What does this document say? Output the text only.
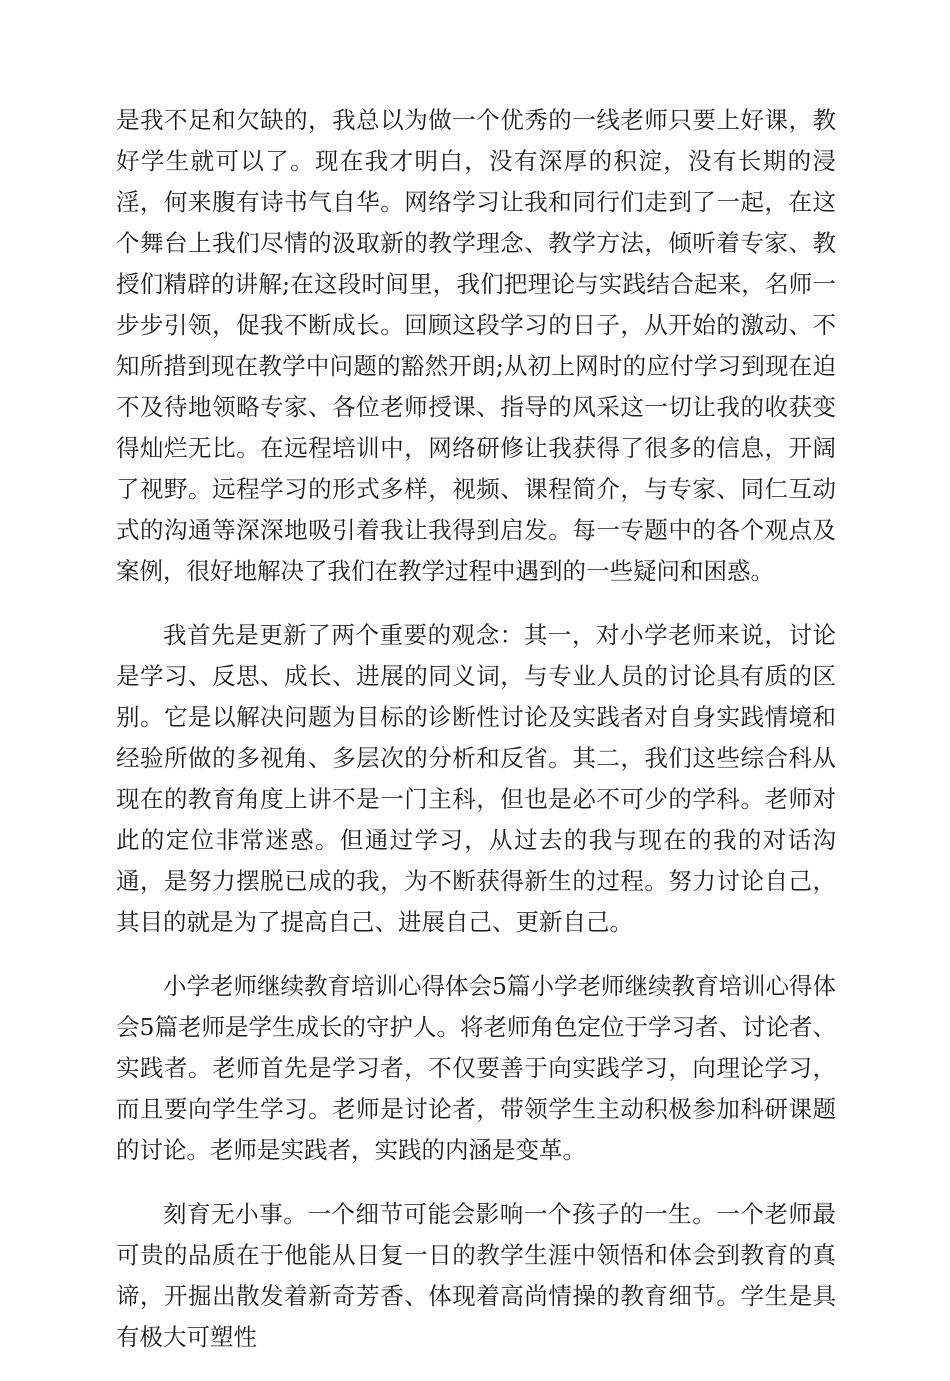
是我不足和欠缺的，我总以为做一个优秀的一线老师只要上好课，教好学生就可以了。现在我才明白，没有深厚的积淀，没有长期的浸淫，何来腹有诗书气自华。网络学习让我和同行们走到了一起，在这个舞台上我们尽情的汲取新的教学理念、教学方法，倾听着专家、教授们精辟的讲解;在这段时间里，我们把理论与实践结合起来，名师一步步引领，促我不断成长。回顾这段学习的日子，从开始的激动、不知所措到现在教学中问题的豁然开朗;从初上网时的应付学习到现在迫不及待地领略专家、各位老师授课、指导的风采这一切让我的收获变得灿烂无比。在远程培训中，网络研修让我获得了很多的信息，开阔了视野。远程学习的形式多样，视频、课程简介，与专家、同仁互动式的沟通等深深地吸引着我让我得到启发。每一专题中的各个观点及案例，很好地解决了我们在教学过程中遇到的一些疑问和困惑。

我首先是更新了两个重要的观念：其一，对小学老师来说，讨论是学习、反思、成长、进展的同义词，与专业人员的讨论具有质的区别。它是以解决问题为目标的诊断性讨论及实践者对自身实践情境和经验所做的多视角、多层次的分析和反省。其二，我们这些综合科从现在的教育角度上讲不是一门主科，但也是必不可少的学科。老师对此的定位非常迷惑。但通过学习，从过去的我与现在的我的对话沟通，是努力摆脱已成的我，为不断获得新生的过程。努力讨论自己，其目的就是为了提高自己、进展自己、更新自己。

小学老师继续教育培训心得体会5篇小学老师继续教育培训心得体会5篇老师是学生成长的守护人。将老师角色定位于学习者、讨论者、实践者。老师首先是学习者，不仅要善于向实践学习，向理论学习，而且要向学生学习。老师是讨论者，带领学生主动积极参加科研课题的讨论。老师是实践者，实践的内涵是变革。

刻育无小事。一个细节可能会影响一个孩子的一生。一个老师最可贵的品质在于他能从日复一日的教学生涯中领悟和体会到教育的真谛，开掘出散发着新奇芳香、体现着高尚情操的教育细节。学生是具有极大可塑性
